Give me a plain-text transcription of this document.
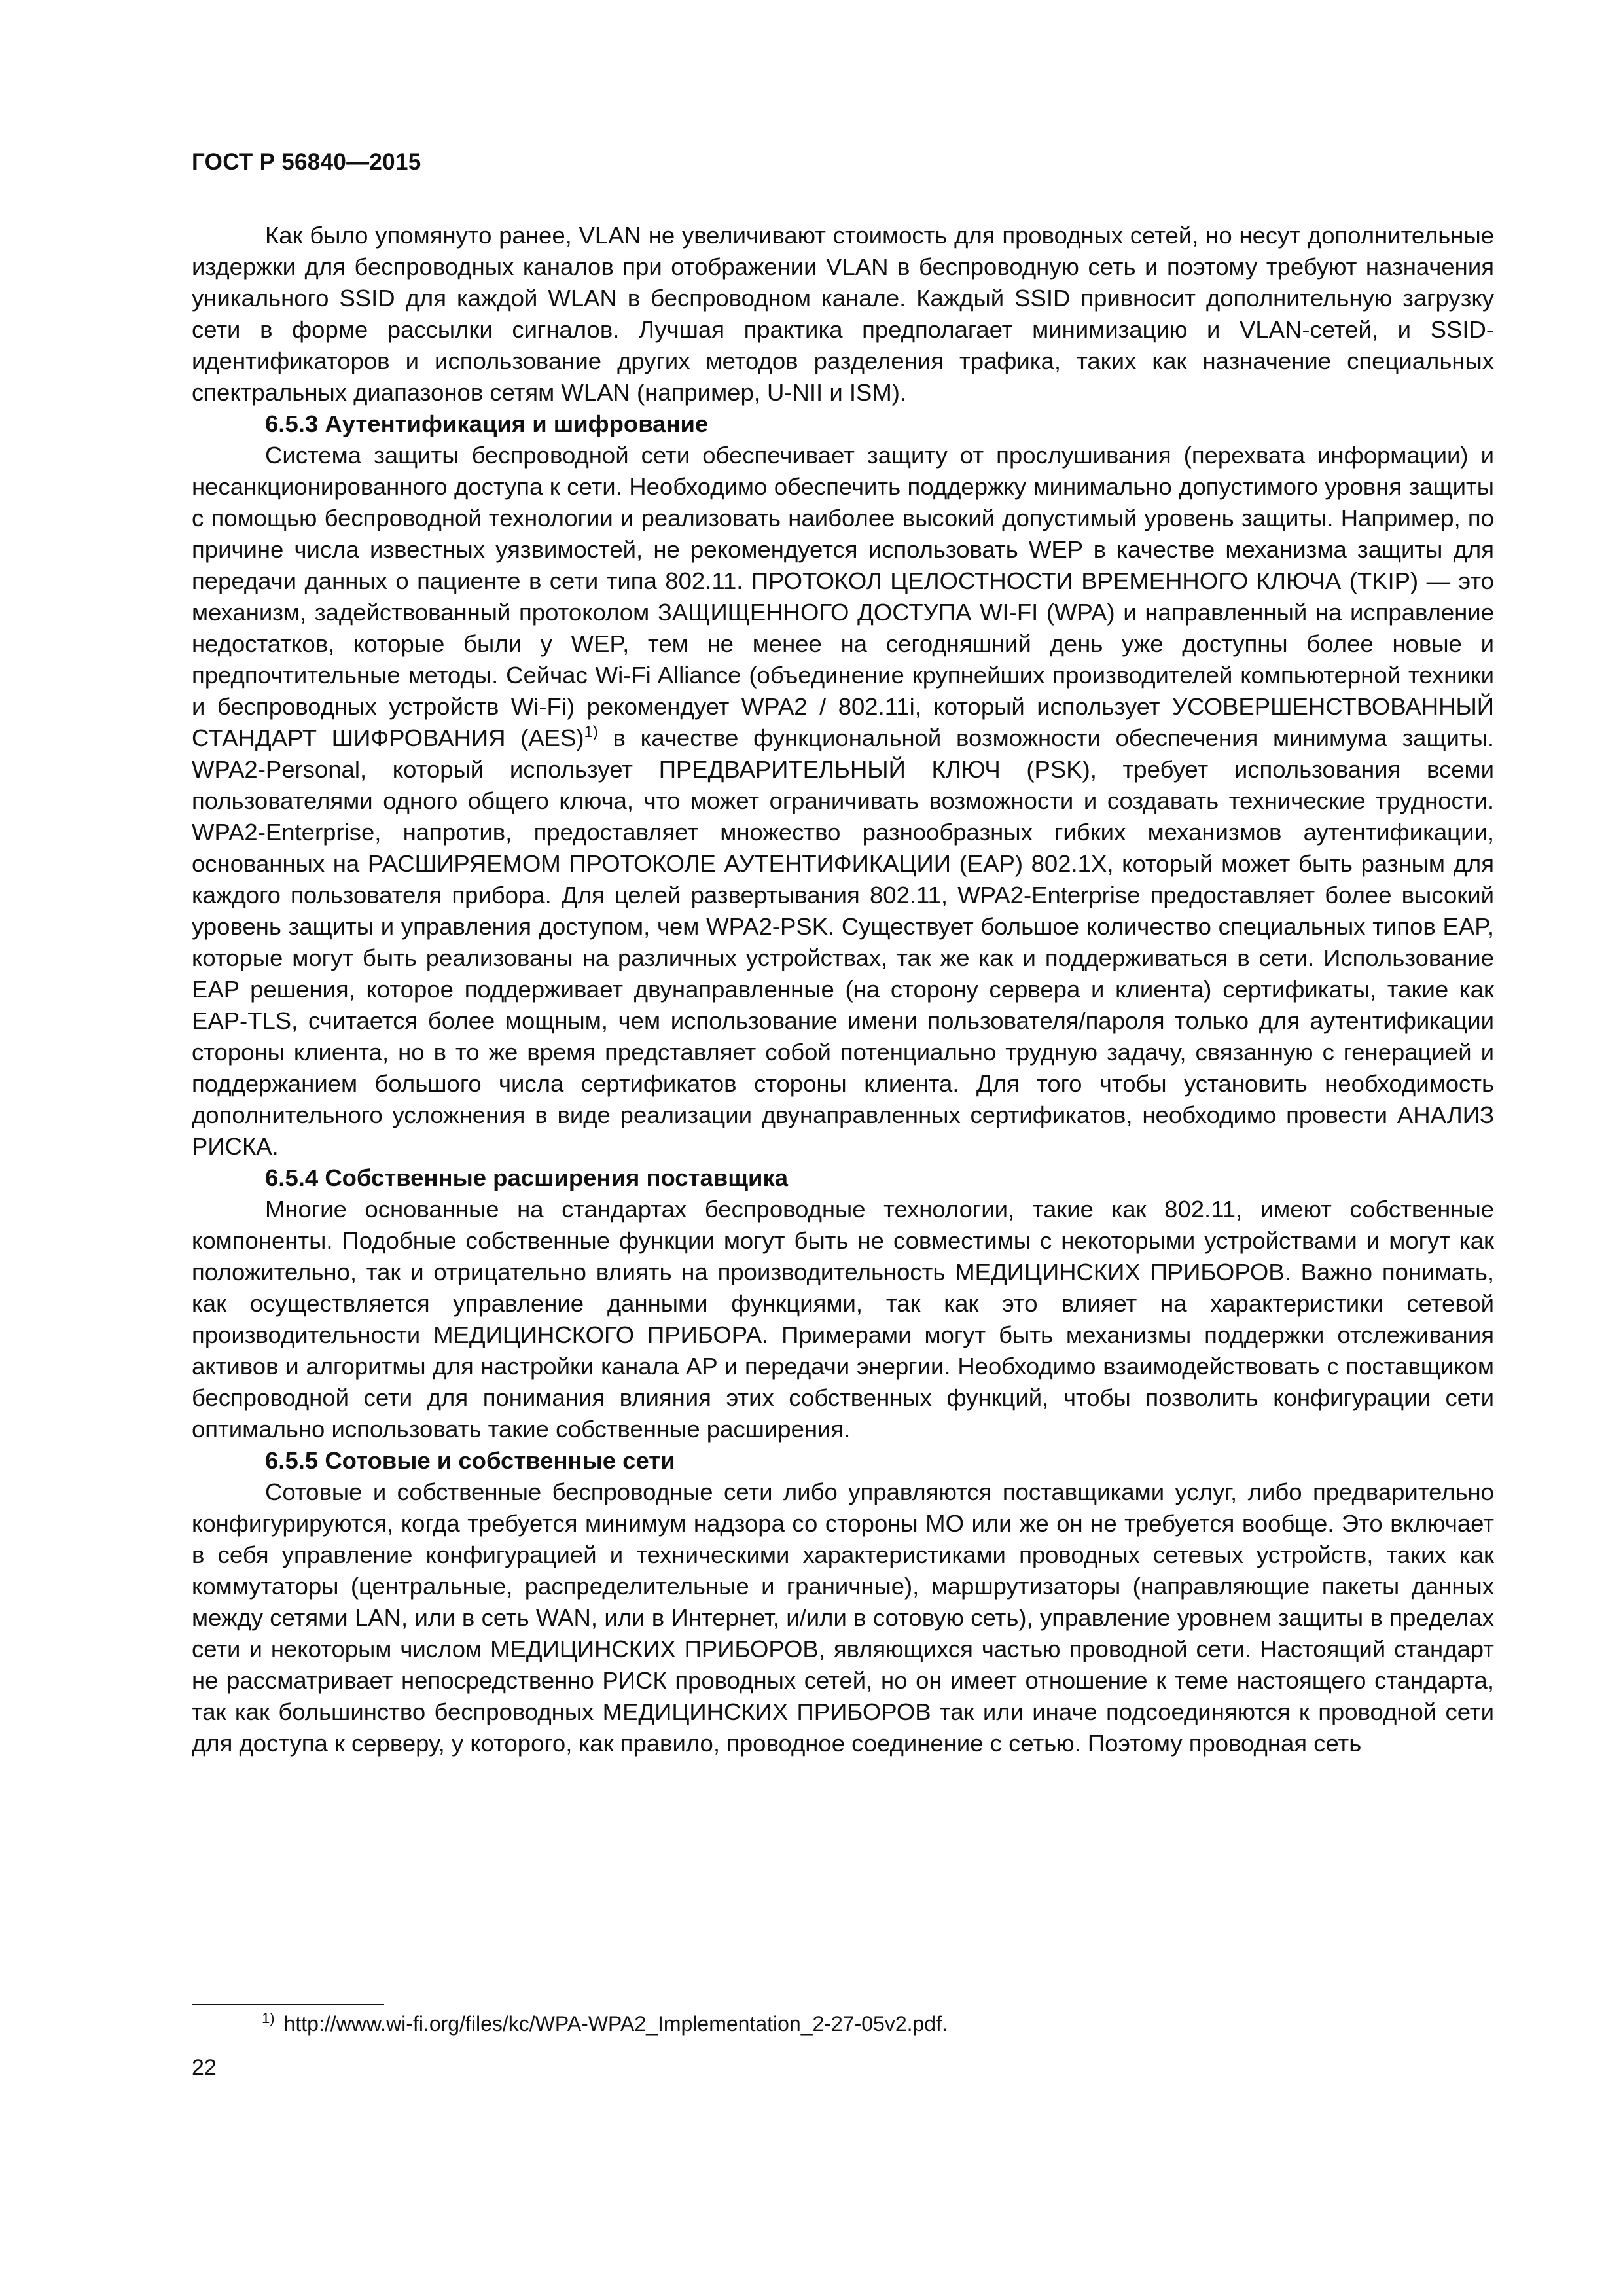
ГОСТ Р 56840—2015

Как было упомянуто ранее, VLAN не увеличивают стоимость для проводных сетей, но несут дополнительные издержки для беспроводных каналов при отображении VLAN в беспроводную сеть и поэтому требуют назначения уникального SSID для каждой WLAN в беспроводном канале. Каждый SSID привносит дополнительную загрузку сети в форме рассылки сигналов. Лучшая практика предполагает минимизацию и VLAN-сетей, и SSID-идентификаторов и использование других методов разделения трафика, таких как назначение специальных спектральных диапазонов сетям WLAN (например, U-NII и ISM).

6.5.3 Аутентификация и шифрование

Система защиты беспроводной сети обеспечивает защиту от прослушивания (перехвата информации) и несанкционированного доступа к сети. Необходимо обеспечить поддержку минимально допустимого уровня защиты с помощью беспроводной технологии и реализовать наиболее высокий допустимый уровень защиты. Например, по причине числа известных уязвимостей, не рекомендуется использовать WEP в качестве механизма защиты для передачи данных о пациенте в сети типа 802.11. ПРОТОКОЛ ЦЕЛОСТНОСТИ ВРЕМЕННОГО КЛЮЧА (TKIP) — это механизм, задействованный протоколом ЗАЩИЩЕННОГО ДОСТУПА WI-FI (WPA) и направленный на исправление недостатков, которые были у WEP, тем не менее на сегодняшний день уже доступны более новые и предпочтительные методы. Сейчас Wi-Fi Alliance (объединение крупнейших производителей компьютерной техники и беспроводных устройств Wi-Fi) рекомендует WPA2 / 802.11i, который использует УСОВЕРШЕНСТВОВАННЫЙ СТАНДАРТ ШИФРОВАНИЯ (AES)$^{1)}$ в качестве функциональной возможности обеспечения минимума защиты. WPA2-Personal, который использует ПРЕДВАРИТЕЛЬНЫЙ КЛЮЧ (PSK), требует использования всеми пользователями одного общего ключа, что может ограничивать возможности и создавать технические трудности. WPA2-Enterprise, напротив, предоставляет множество разнообразных гибких механизмов аутентификации, основанных на РАСШИРЯЕМОМ ПРОТОКОЛЕ АУТЕНТИФИКАЦИИ (EAP) 802.1X, который может быть разным для каждого пользователя прибора. Для целей развертывания 802.11, WPA2-Enterprise предоставляет более высокий уровень защиты и управления доступом, чем WPA2-PSK. Существует большое количество специальных типов EAP, которые могут быть реализованы на различных устройствах, так же как и поддерживаться в сети. Использование EAP решения, которое поддерживает двунаправленные (на сторону сервера и клиента) сертификаты, такие как EAP-TLS, считается более мощным, чем использование имени пользователя/пароля только для аутентификации стороны клиента, но в то же время представляет собой потенциально трудную задачу, связанную с генерацией и поддержанием большого числа сертификатов стороны клиента. Для того чтобы установить необходимость дополнительного усложнения в виде реализации двунаправленных сертификатов, необходимо провести АНАЛИЗ РИСКА.

6.5.4 Собственные расширения поставщика

Многие основанные на стандартах беспроводные технологии, такие как 802.11, имеют собственные компоненты. Подобные собственные функции могут быть не совместимы с некоторыми устройствами и могут как положительно, так и отрицательно влиять на производительность МЕДИЦИНСКИХ ПРИБОРОВ. Важно понимать, как осуществляется управление данными функциями, так как это влияет на характеристики сетевой производительности МЕДИЦИНСКОГО ПРИБОРА. Примерами могут быть механизмы поддержки отслеживания активов и алгоритмы для настройки канала AP и передачи энергии. Необходимо взаимодействовать с поставщиком беспроводной сети для понимания влияния этих собственных функций, чтобы позволить конфигурации сети оптимально использовать такие собственные расширения.

6.5.5 Сотовые и собственные сети

Сотовые и собственные беспроводные сети либо управляются поставщиками услуг, либо предварительно конфигурируются, когда требуется минимум надзора со стороны МО или же он не требуется вообще. Это включает в себя управление конфигурацией и техническими характеристиками проводных сетевых устройств, таких как коммутаторы (центральные, распределительные и граничные), маршрутизаторы (направляющие пакеты данных между сетями LAN, или в сеть WAN, или в Интернет, и/или в сотовую сеть), управление уровнем защиты в пределах сети и некоторым числом МЕДИЦИНСКИХ ПРИБОРОВ, являющихся частью проводной сети. Настоящий стандарт не рассматривает непосредственно РИСК проводных сетей, но он имеет отношение к теме настоящего стандарта, так как большинство беспроводных МЕДИЦИНСКИХ ПРИБОРОВ так или иначе подсоединяются к проводной сети для доступа к серверу, у которого, как правило, проводное соединение с сетью. Поэтому проводная сеть

$^{1)}$ http://www.wi-fi.org/files/kc/WPA-WPA2_Implementation_2-27-05v2.pdf.
22
